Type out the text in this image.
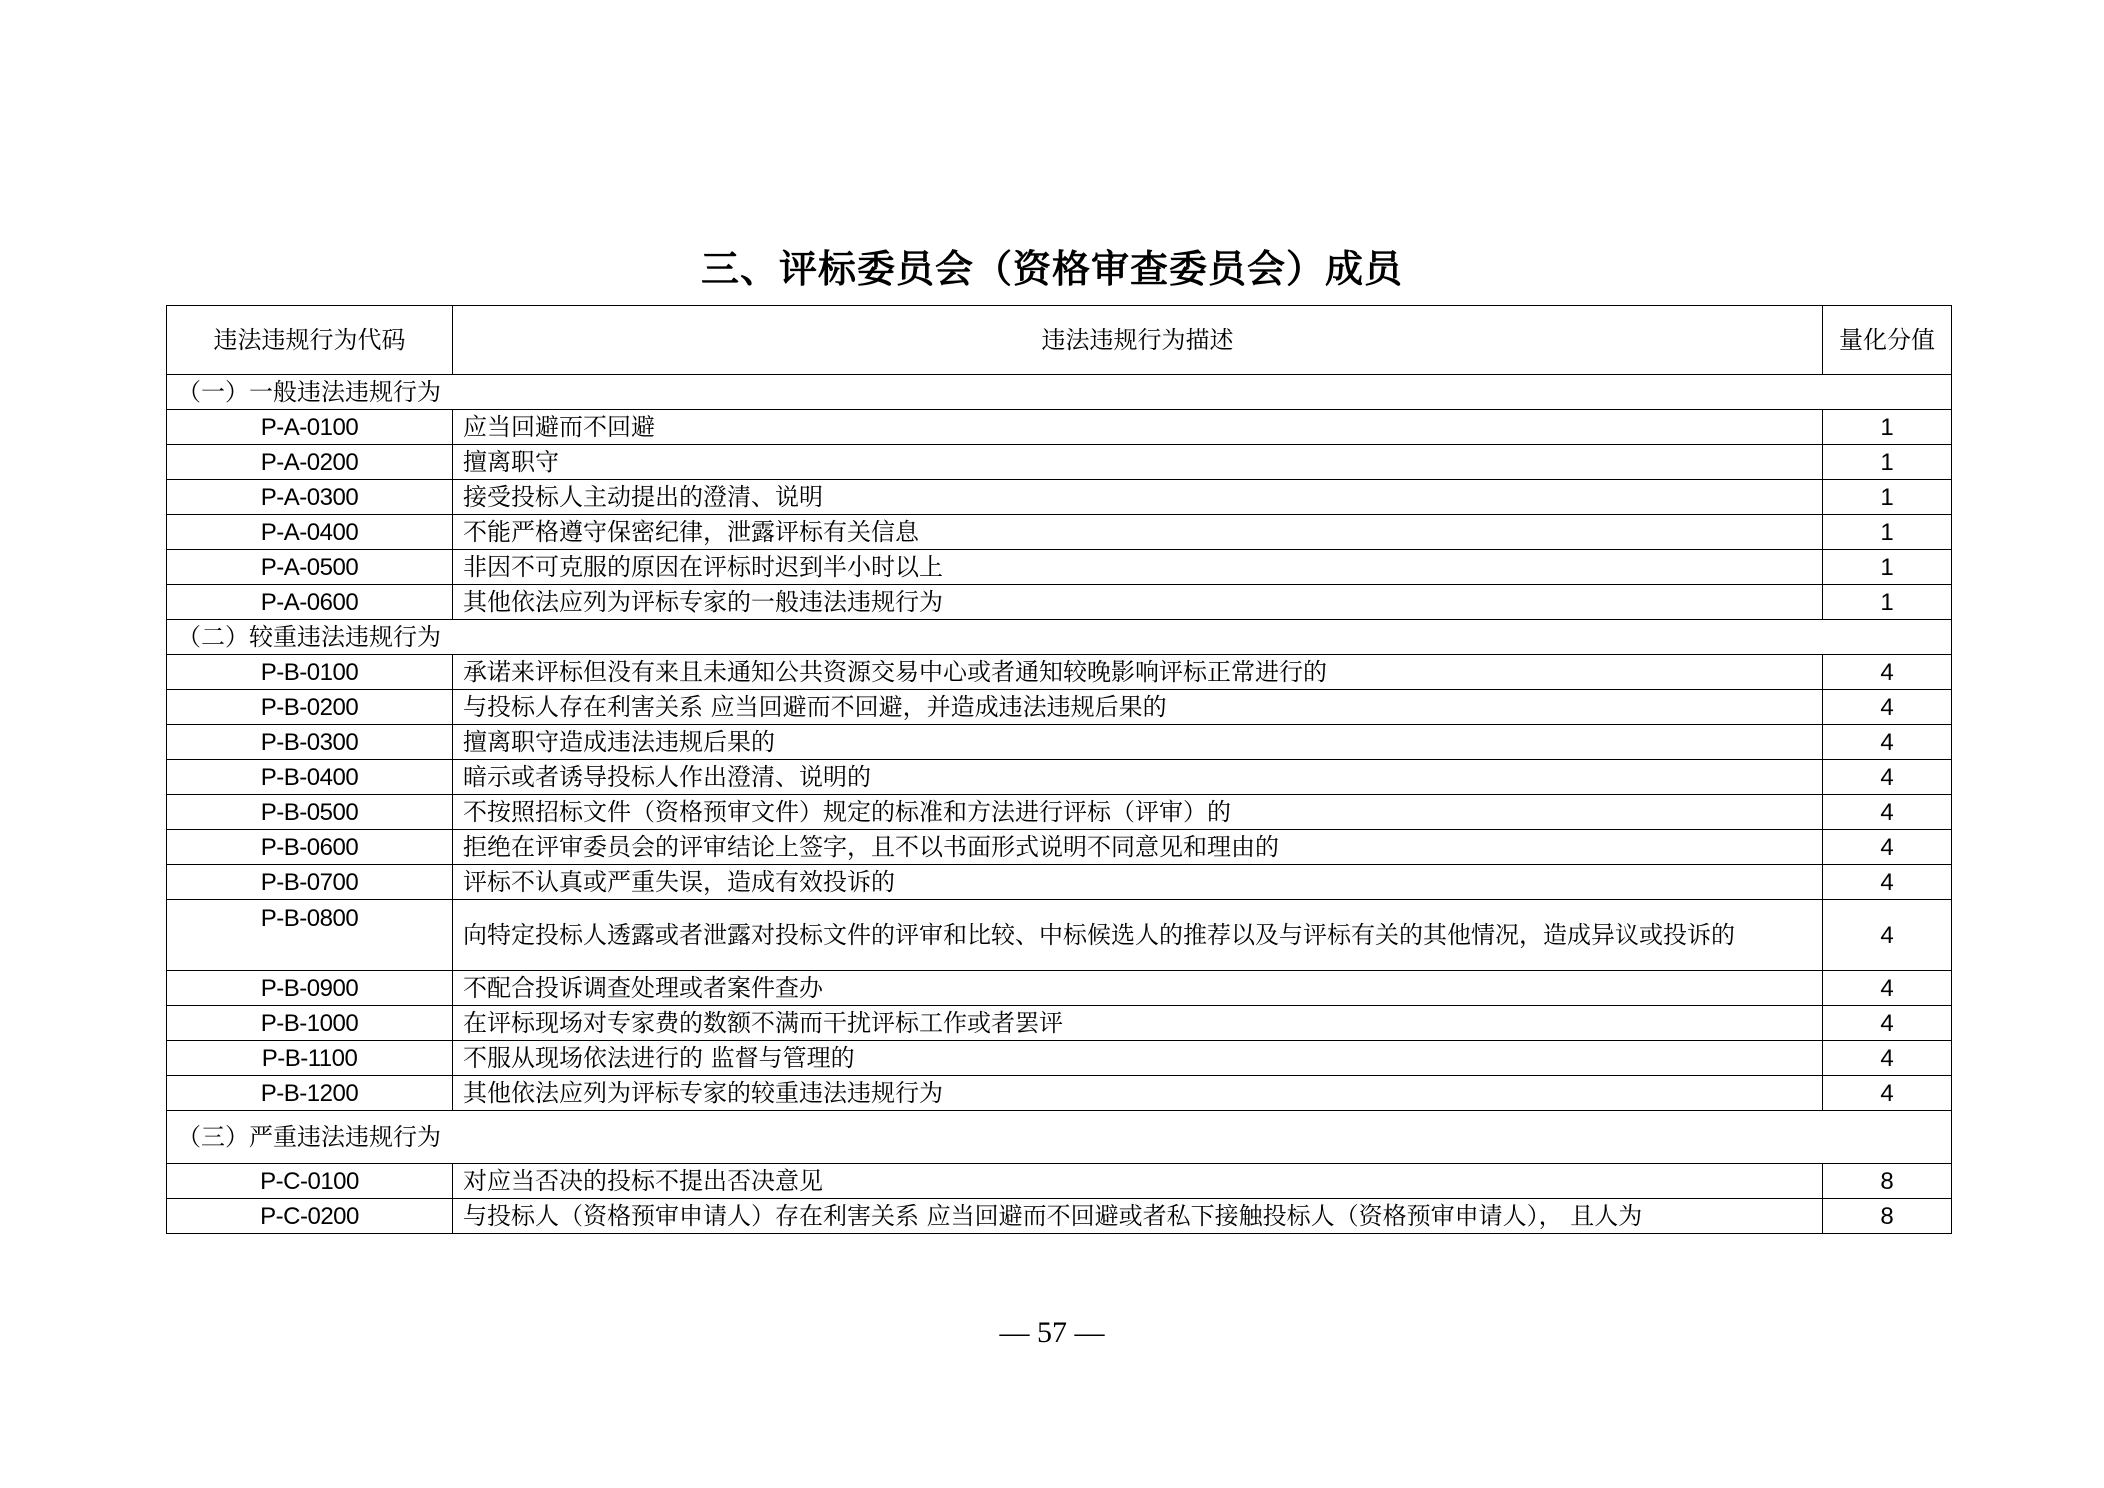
三、评标委员会（资格审查委员会）成员
违法违规行为代码	违法违规行为描述	量化分值
（一）一般违法违规行为		
P-A-0100	应当回避而不回避	1
P-A-0200	擅离职守	1
P-A-0300	接受投标人主动提出的澄清、说明	1
P-A-0400	不能严格遵守保密纪律，泄露评标有关信息	1
P-A-0500	非因不可克服的原因在评标时迟到半小时以上	1
P-A-0600	其他依法应列为评标专家的一般违法违规行为	1
（二）较重违法违规行为		
P-B-0100	承诺来评标但没有来且未通知公共资源交易中心或者通知较晚影响评标正常进行的	4
P-B-0200	与投标人存在利害关系 应当回避而不回避，并造成违法违规后果的	4
P-B-0300	擅离职守造成违法违规后果的	4
P-B-0400	暗示或者诱导投标人作出澄清、说明的	4
P-B-0500	不按照招标文件（资格预审文件）规定的标准和方法进行评标（评审）的	4
P-B-0600	拒绝在评审委员会的评审结论上签字，且不以书面形式说明不同意见和理由的	4
P-B-0700	评标不认真或严重失误，造成有效投诉的	4
P-B-0800	向特定投标人透露或者泄露对投标文件的评审和比较、中标候选人的推荐以及与评标有关的其他情况，造成异议或投诉的	4
P-B-0900	不配合投诉调查处理或者案件查办	4
P-B-1000	在评标现场对专家费的数额不满而干扰评标工作或者罢评	4
P-B-1100	不服从现场依法进行的 监督与管理的	4
P-B-1200	其他依法应列为评标专家的较重违法违规行为	4
（三）严重违法违规行为		
P-C-0100	对应当否决的投标不提出否决意见	8
P-C-0200	与投标人（资格预审申请人）存在利害关系 应当回避而不回避或者私下接触投标人（资格预审申请人）， 且人为	8
— 57 —
